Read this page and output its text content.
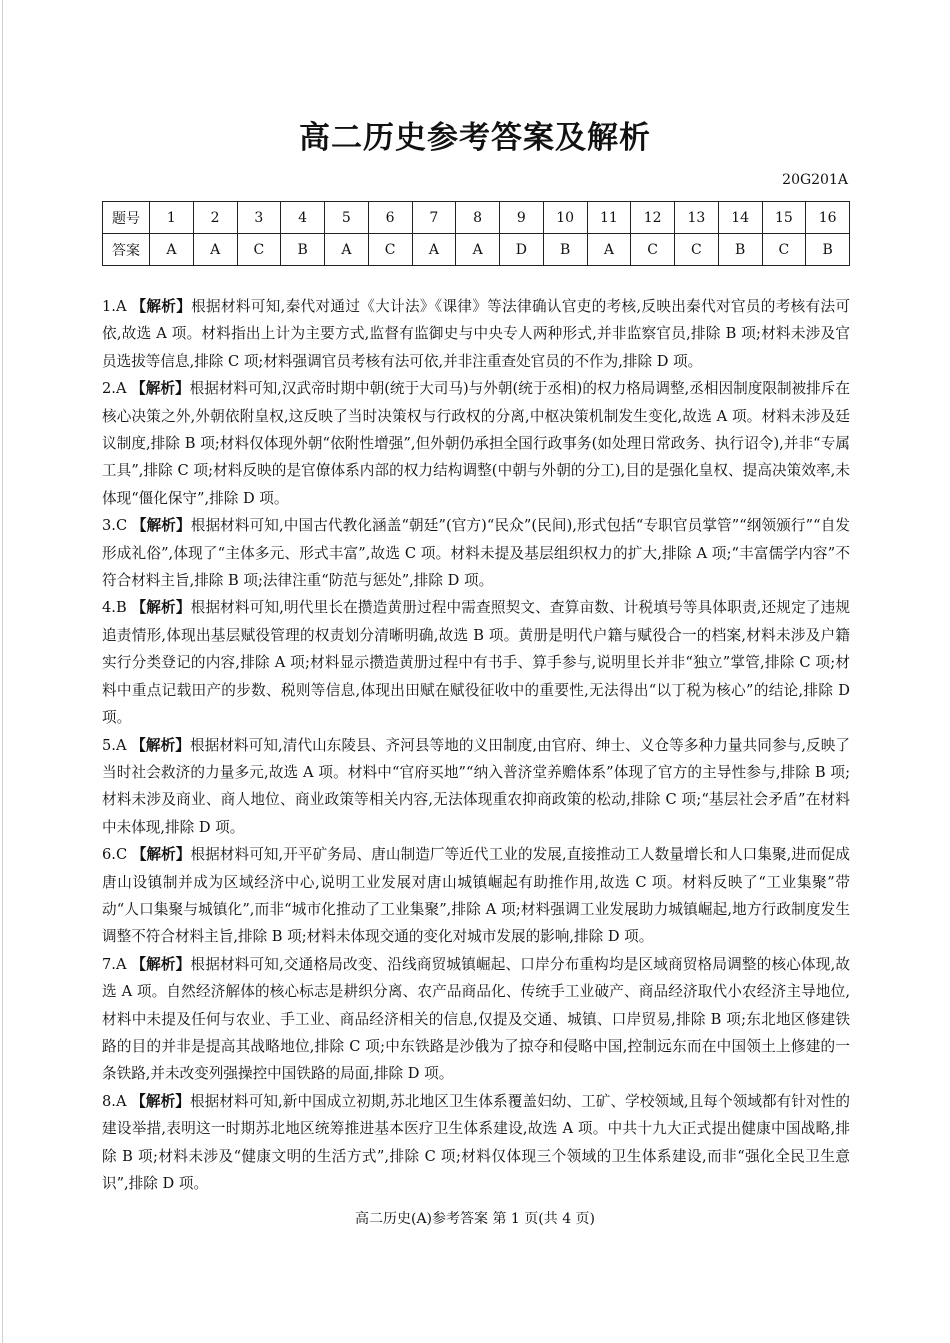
高二历史参考答案及解析
20G201A
题号	1	2	3	4	5	6	7	8	9	10	11	12	13	14	15	16
答案	A	A	C	B	A	C	A	A	D	B	A	C	C	B	C	B

1.A 【解析】根据材料可知,秦代对通过《大计法》《课律》等法律确认官吏的考核,反映出秦代对官员的考核有法可依,故选 A 项。材料指出上计为主要方式,监督有监御史与中央专人两种形式,并非监察官员,排除 B 项;材料未涉及官员选拔等信息,排除 C 项;材料强调官员考核有法可依,并非注重查处官员的不作为,排除 D 项。

2.A 【解析】根据材料可知,汉武帝时期中朝(统于大司马)与外朝(统于丞相)的权力格局调整,丞相因制度限制被排斥在核心决策之外,外朝依附皇权,这反映了当时决策权与行政权的分离,中枢决策机制发生变化,故选 A 项。材料未涉及廷议制度,排除 B 项;材料仅体现外朝“依附性增强”,但外朝仍承担全国行政事务(如处理日常政务、执行诏令),并非“专属工具”,排除 C 项;材料反映的是官僚体系内部的权力结构调整(中朝与外朝的分工),目的是强化皇权、提高决策效率,未体现“僵化保守”,排除 D 项。

3.C 【解析】根据材料可知,中国古代教化涵盖“朝廷”(官方)“民众”(民间),形式包括“专职官员掌管”“纲领颁行”“自发形成礼俗”,体现了“主体多元、形式丰富”,故选 C 项。材料未提及基层组织权力的扩大,排除 A 项;“丰富儒学内容”不符合材料主旨,排除 B 项;法律注重“防范与惩处”,排除 D 项。

4.B 【解析】根据材料可知,明代里长在攒造黄册过程中需查照契文、查算亩数、计税填号等具体职责,还规定了违规追责情形,体现出基层赋役管理的权责划分清晰明确,故选 B 项。黄册是明代户籍与赋役合一的档案,材料未涉及户籍实行分类登记的内容,排除 A 项;材料显示攒造黄册过程中有书手、算手参与,说明里长并非“独立”掌管,排除 C 项;材料中重点记载田产的步数、税则等信息,体现出田赋在赋役征收中的重要性,无法得出“以丁税为核心”的结论,排除 D 项。

5.A 【解析】根据材料可知,清代山东陵县、齐河县等地的义田制度,由官府、绅士、义仓等多种力量共同参与,反映了当时社会救济的力量多元,故选 A 项。材料中“官府买地”“纳入普济堂养赡体系”体现了官方的主导性参与,排除 B 项;材料未涉及商业、商人地位、商业政策等相关内容,无法体现重农抑商政策的松动,排除 C 项;“基层社会矛盾”在材料中未体现,排除 D 项。

6.C 【解析】根据材料可知,开平矿务局、唐山制造厂等近代工业的发展,直接推动工人数量增长和人口集聚,进而促成唐山设镇制并成为区域经济中心,说明工业发展对唐山城镇崛起有助推作用,故选 C 项。材料反映了“工业集聚”带动“人口集聚与城镇化”,而非“城市化推动了工业集聚”,排除 A 项;材料强调工业发展助力城镇崛起,地方行政制度发生调整不符合材料主旨,排除 B 项;材料未体现交通的变化对城市发展的影响,排除 D 项。

7.A 【解析】根据材料可知,交通格局改变、沿线商贸城镇崛起、口岸分布重构均是区域商贸格局调整的核心体现,故选 A 项。自然经济解体的核心标志是耕织分离、农产品商品化、传统手工业破产、商品经济取代小农经济主导地位,材料中未提及任何与农业、手工业、商品经济相关的信息,仅提及交通、城镇、口岸贸易,排除 B 项;东北地区修建铁路的目的并非是提高其战略地位,排除 C 项;中东铁路是沙俄为了掠夺和侵略中国,控制远东而在中国领土上修建的一条铁路,并未改变列强操控中国铁路的局面,排除 D 项。

8.A 【解析】根据材料可知,新中国成立初期,苏北地区卫生体系覆盖妇幼、工矿、学校领域,且每个领域都有针对性的建设举措,表明这一时期苏北地区统筹推进基本医疗卫生体系建设,故选 A 项。中共十九大正式提出健康中国战略,排除 B 项;材料未涉及“健康文明的生活方式”,排除 C 项;材料仅体现三个领域的卫生体系建设,而非“强化全民卫生意识”,排除 D 项。

高二历史(A)参考答案 第 1 页(共 4 页)
